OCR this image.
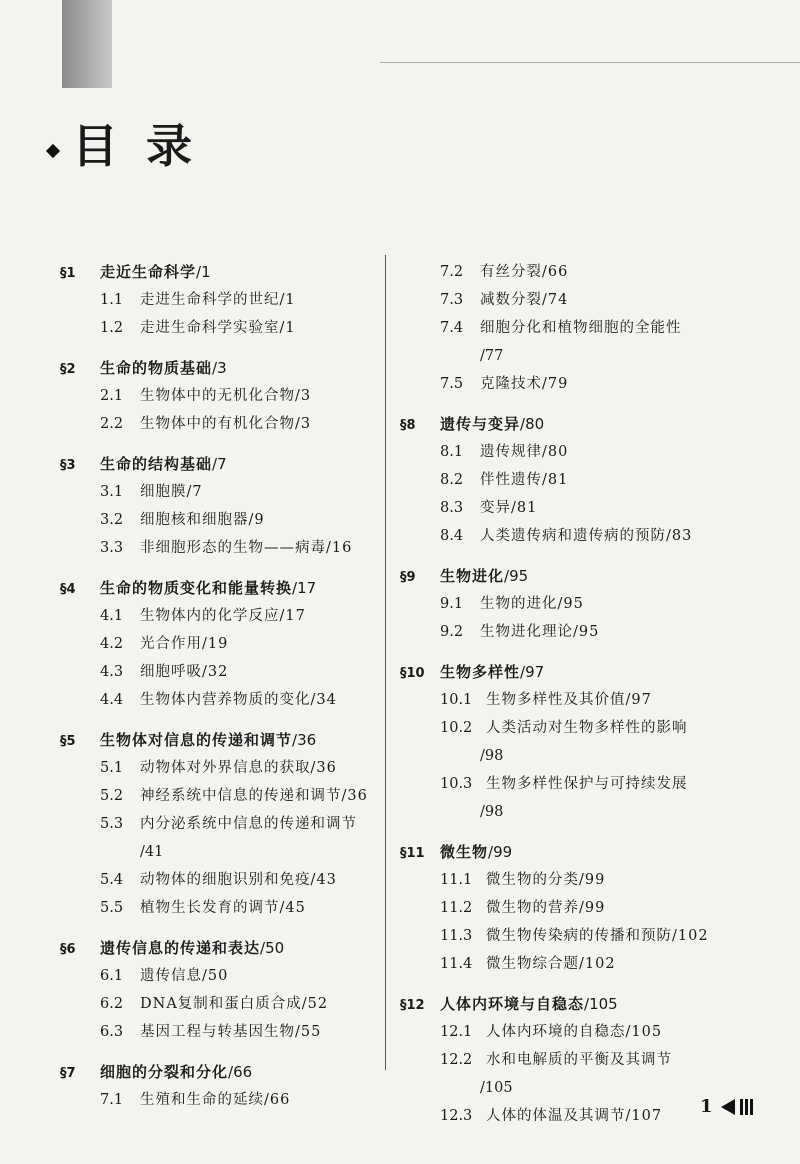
目 录
§1	走近生命科学 /1
1.1	走进生命科学的世纪/1
1.2	走进生命科学实验室/1
§2	生命的物质基础 /3
2.1	生物体中的无机化合物/3
2.2	生物体中的有机化合物/3
§3	生命的结构基础 /7
3.1	细胞膜/7
3.2	细胞核和细胞器/9
3.3	非细胞形态的生物——病毒/16
§4	生命的物质变化和能量转换 /17
4.1	生物体内的化学反应/17
4.2	光合作用/19
4.3	细胞呼吸/32
4.4	生物体内营养物质的变化/34
§5	生物体对信息的传递和调节 /36
5.1	动物体对外界信息的获取/36
5.2	神经系统中信息的传递和调节/36
5.3	内分泌系统中信息的传递和调节
/41
5.4	动物体的细胞识别和免疫/43
5.5	植物生长发育的调节/45
§6	遗传信息的传递和表达 /50
6.1	遗传信息/50
6.2	DNA复制和蛋白质合成/52
6.3	基因工程与转基因生物/55
§7	细胞的分裂和分化 /66
7.1	生殖和生命的延续/66
7.2	有丝分裂/66
7.3	减数分裂/74
7.4	细胞分化和植物细胞的全能性
/77
7.5	克隆技术/79
§8	遗传与变异 /80
8.1	遗传规律/80
8.2	伴性遗传/81
8.3	变异/81
8.4	人类遗传病和遗传病的预防/83
§9	生物进化 /95
9.1	生物的进化/95
9.2	生物进化理论/95
§10	生物多样性 /97
10.1 生物多样性及其价值/97
10.2 人类活动对生物多样性的影响
/98
10.3 生物多样性保护与可持续发展
/98
§11	微生物 /99
11.1 微生物的分类/99
11.2 微生物的营养/99
11.3 微生物传染病的传播和预防/102
11.4 微生物综合题/102
§12	人体内环境与自稳态 /105
12.1 人体内环境的自稳态/105
12.2 水和电解质的平衡及其调节
/105
12.3 人体的体温及其调节/107	1
